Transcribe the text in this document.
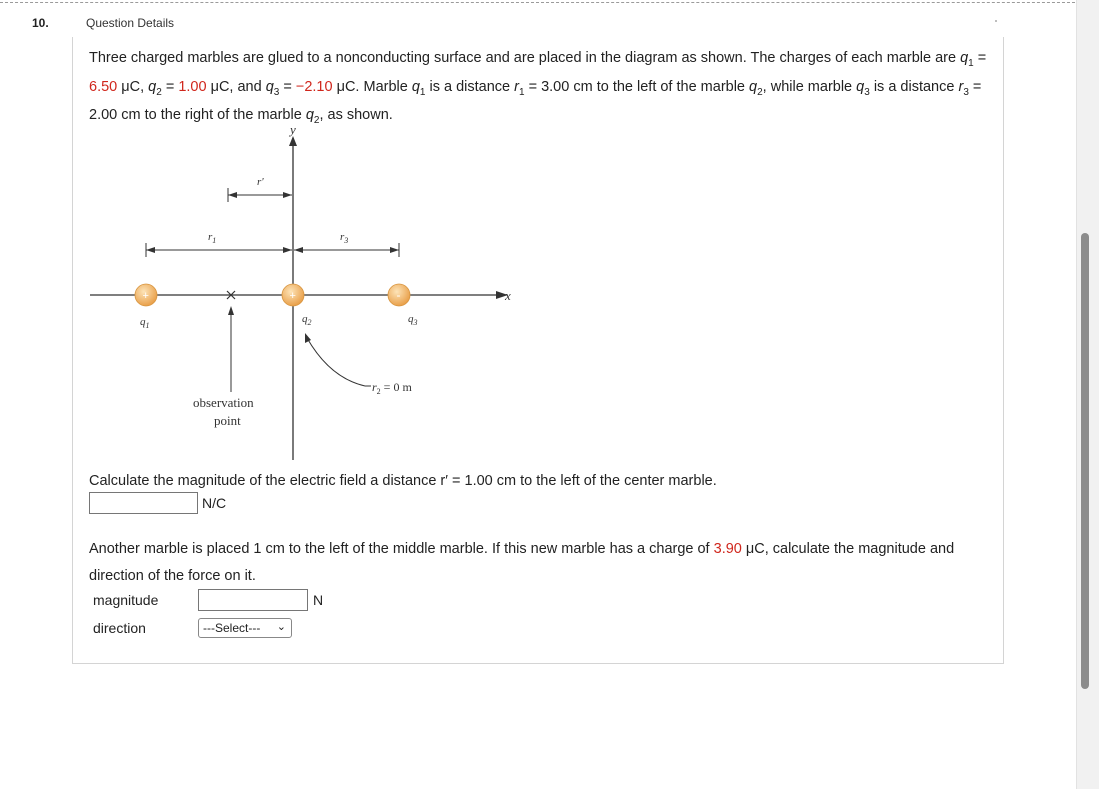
10.	Question Details
Three charged marbles are glued to a nonconducting surface and are placed in the diagram as shown. The charges of each marble are $q_1 = 6.50$ μC, $q_2 = 1.00$ μC, and $q_3 = -2.10$ μC. Marble $q_1$ is a distance $r_1 = 3.00$ cm to the left of the marble $q_2$, while marble $q_3$ is a distance $r_3 = 2.00$ cm to the right of the marble $q_2$, as shown.
y
x
r'
$r_1$	$r_3$
+	+	-
$q_1$
$q_2$	$q_3$
observation
point
$r_2 = 0$ m
Calculate the magnitude of the electric field a distance r′ = 1.00 cm to the left of the center marble.
N/C
Another marble is placed 1 cm to the left of the middle marble. If this new marble has a charge of 3.90 μC, calculate the magnitude and direction of the force on it.
magnitude	N
direction	---Select--- ⌄
